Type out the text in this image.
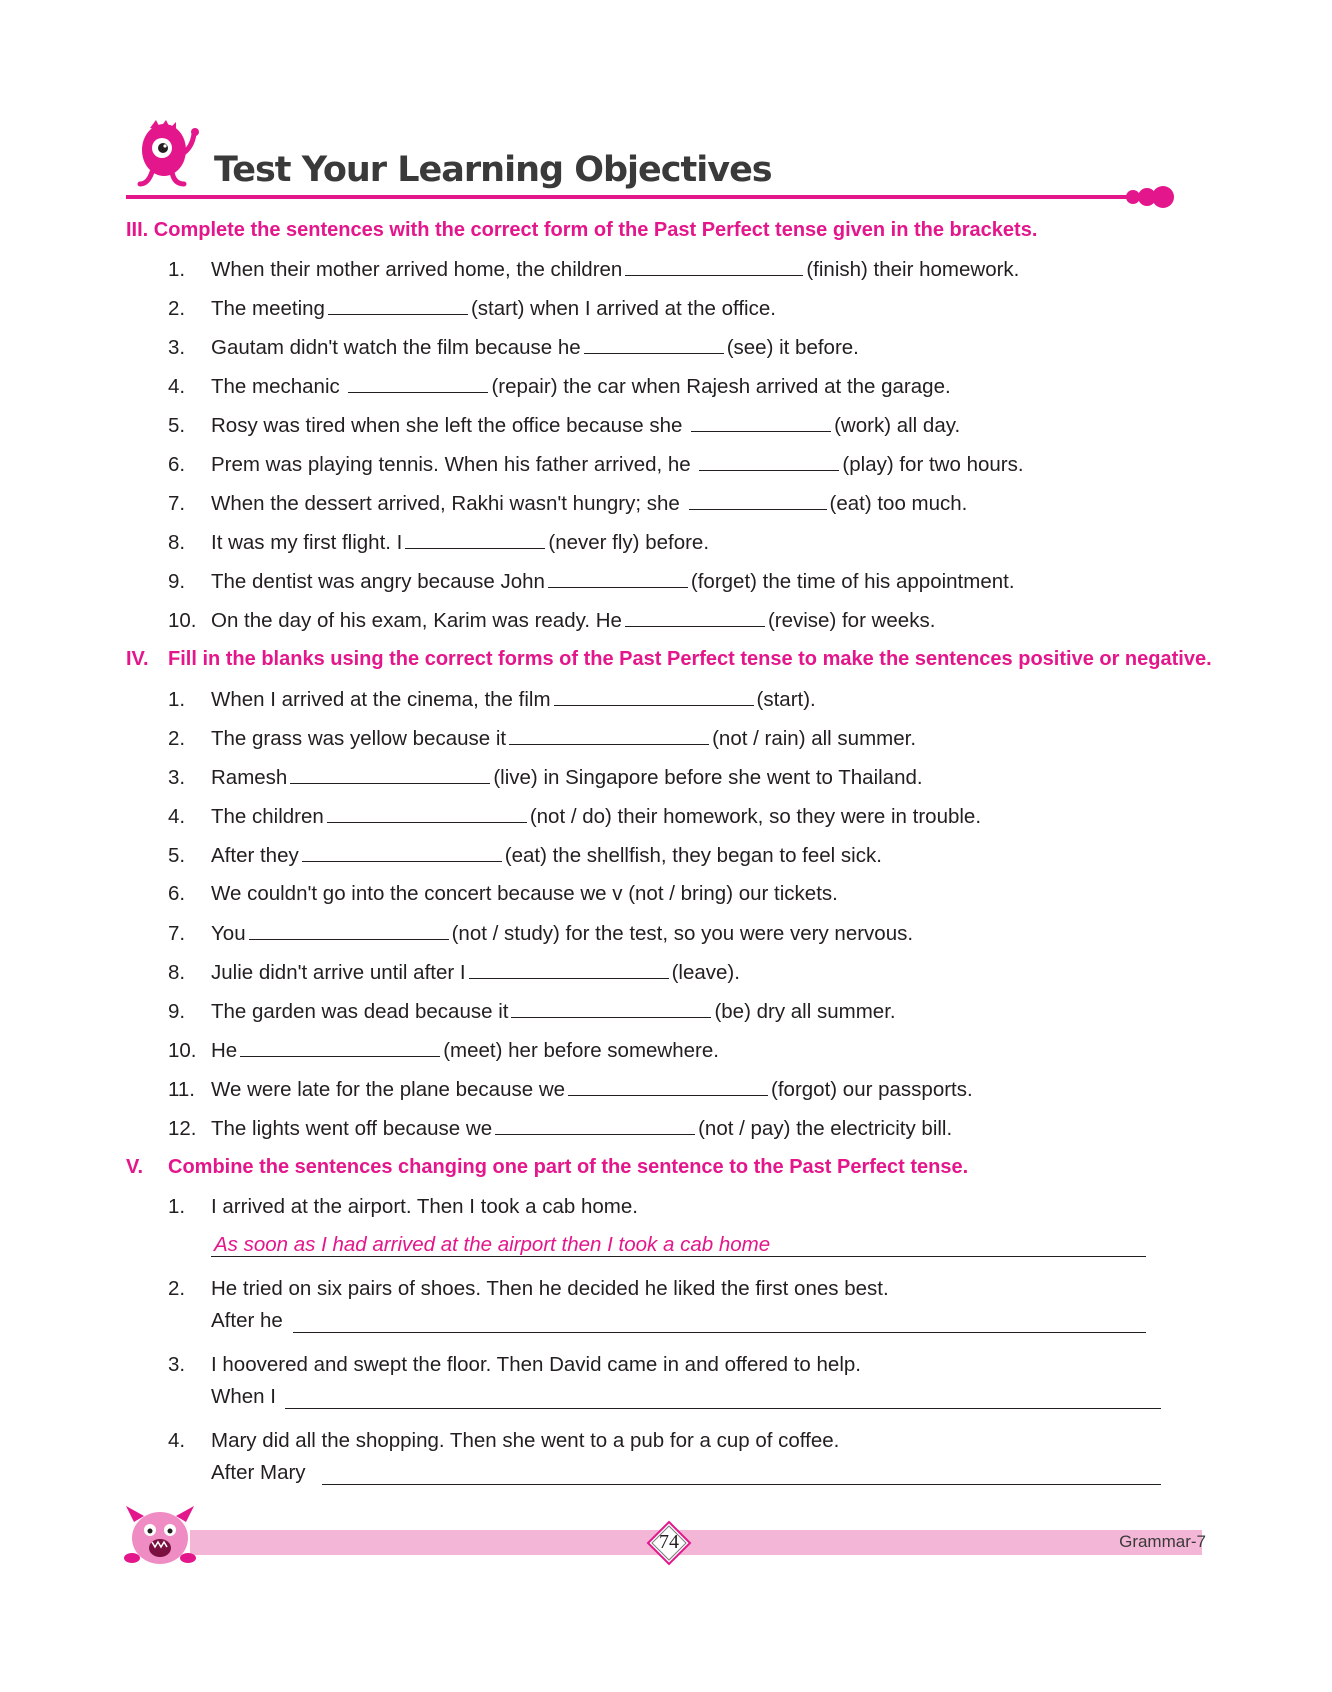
Test Your Learning Objectives
III. Complete the sentences with the correct form of the Past Perfect tense given in the brackets.
1. When their mother arrived home, the children	(finish) their homework.
2. The meeting	(start) when I arrived at the office.
3. Gautam didn't watch the film because he	(see) it before.
4. The mechanic	(repair) the car when Rajesh arrived at the garage.
5. Rosy was tired when she left the office because she	(work) all day.
6. Prem was playing tennis. When his father arrived, he	(play) for two hours.
7. When the dessert arrived, Rakhi wasn't hungry; she	(eat) too much.
8. It was my first flight. I	(never fly) before.
9. The dentist was angry because John	(forget) the time of his appointment.
10. On the day of his exam, Karim was ready. He	(revise) for weeks.
IV. Fill in the blanks using the correct forms of the Past Perfect tense to make the sentences positive or negative.
1. When I arrived at the cinema, the film	(start).
2. The grass was yellow because it	(not / rain) all summer.
3. Ramesh	(live) in Singapore before she went to Thailand.
4. The children	(not / do) their homework, so they were in trouble.
5. After they	(eat) the shellfish, they began to feel sick.
6. We couldn't go into the concert because we v (not / bring) our tickets.
7. You	(not / study) for the test, so you were very nervous.
8. Julie didn't arrive until after I	(leave).
9. The garden was dead because it	(be) dry all summer.
10. He	(meet) her before somewhere.
11. We were late for the plane because we	(forgot) our passports.
12. The lights went off because we	(not / pay) the electricity bill.
V. Combine the sentences changing one part of the sentence to the Past Perfect tense.
1. I arrived at the airport. Then I took a cab home.
As soon as I had arrived at the airport then I took a cab home
2. He tried on six pairs of shoes. Then he decided he liked the first ones best.
After he
3. I hoovered and swept the floor. Then David came in and offered to help.
When I
4. Mary did all the shopping. Then she went to a pub for a cup of coffee.
After Mary
74	Grammar-7
